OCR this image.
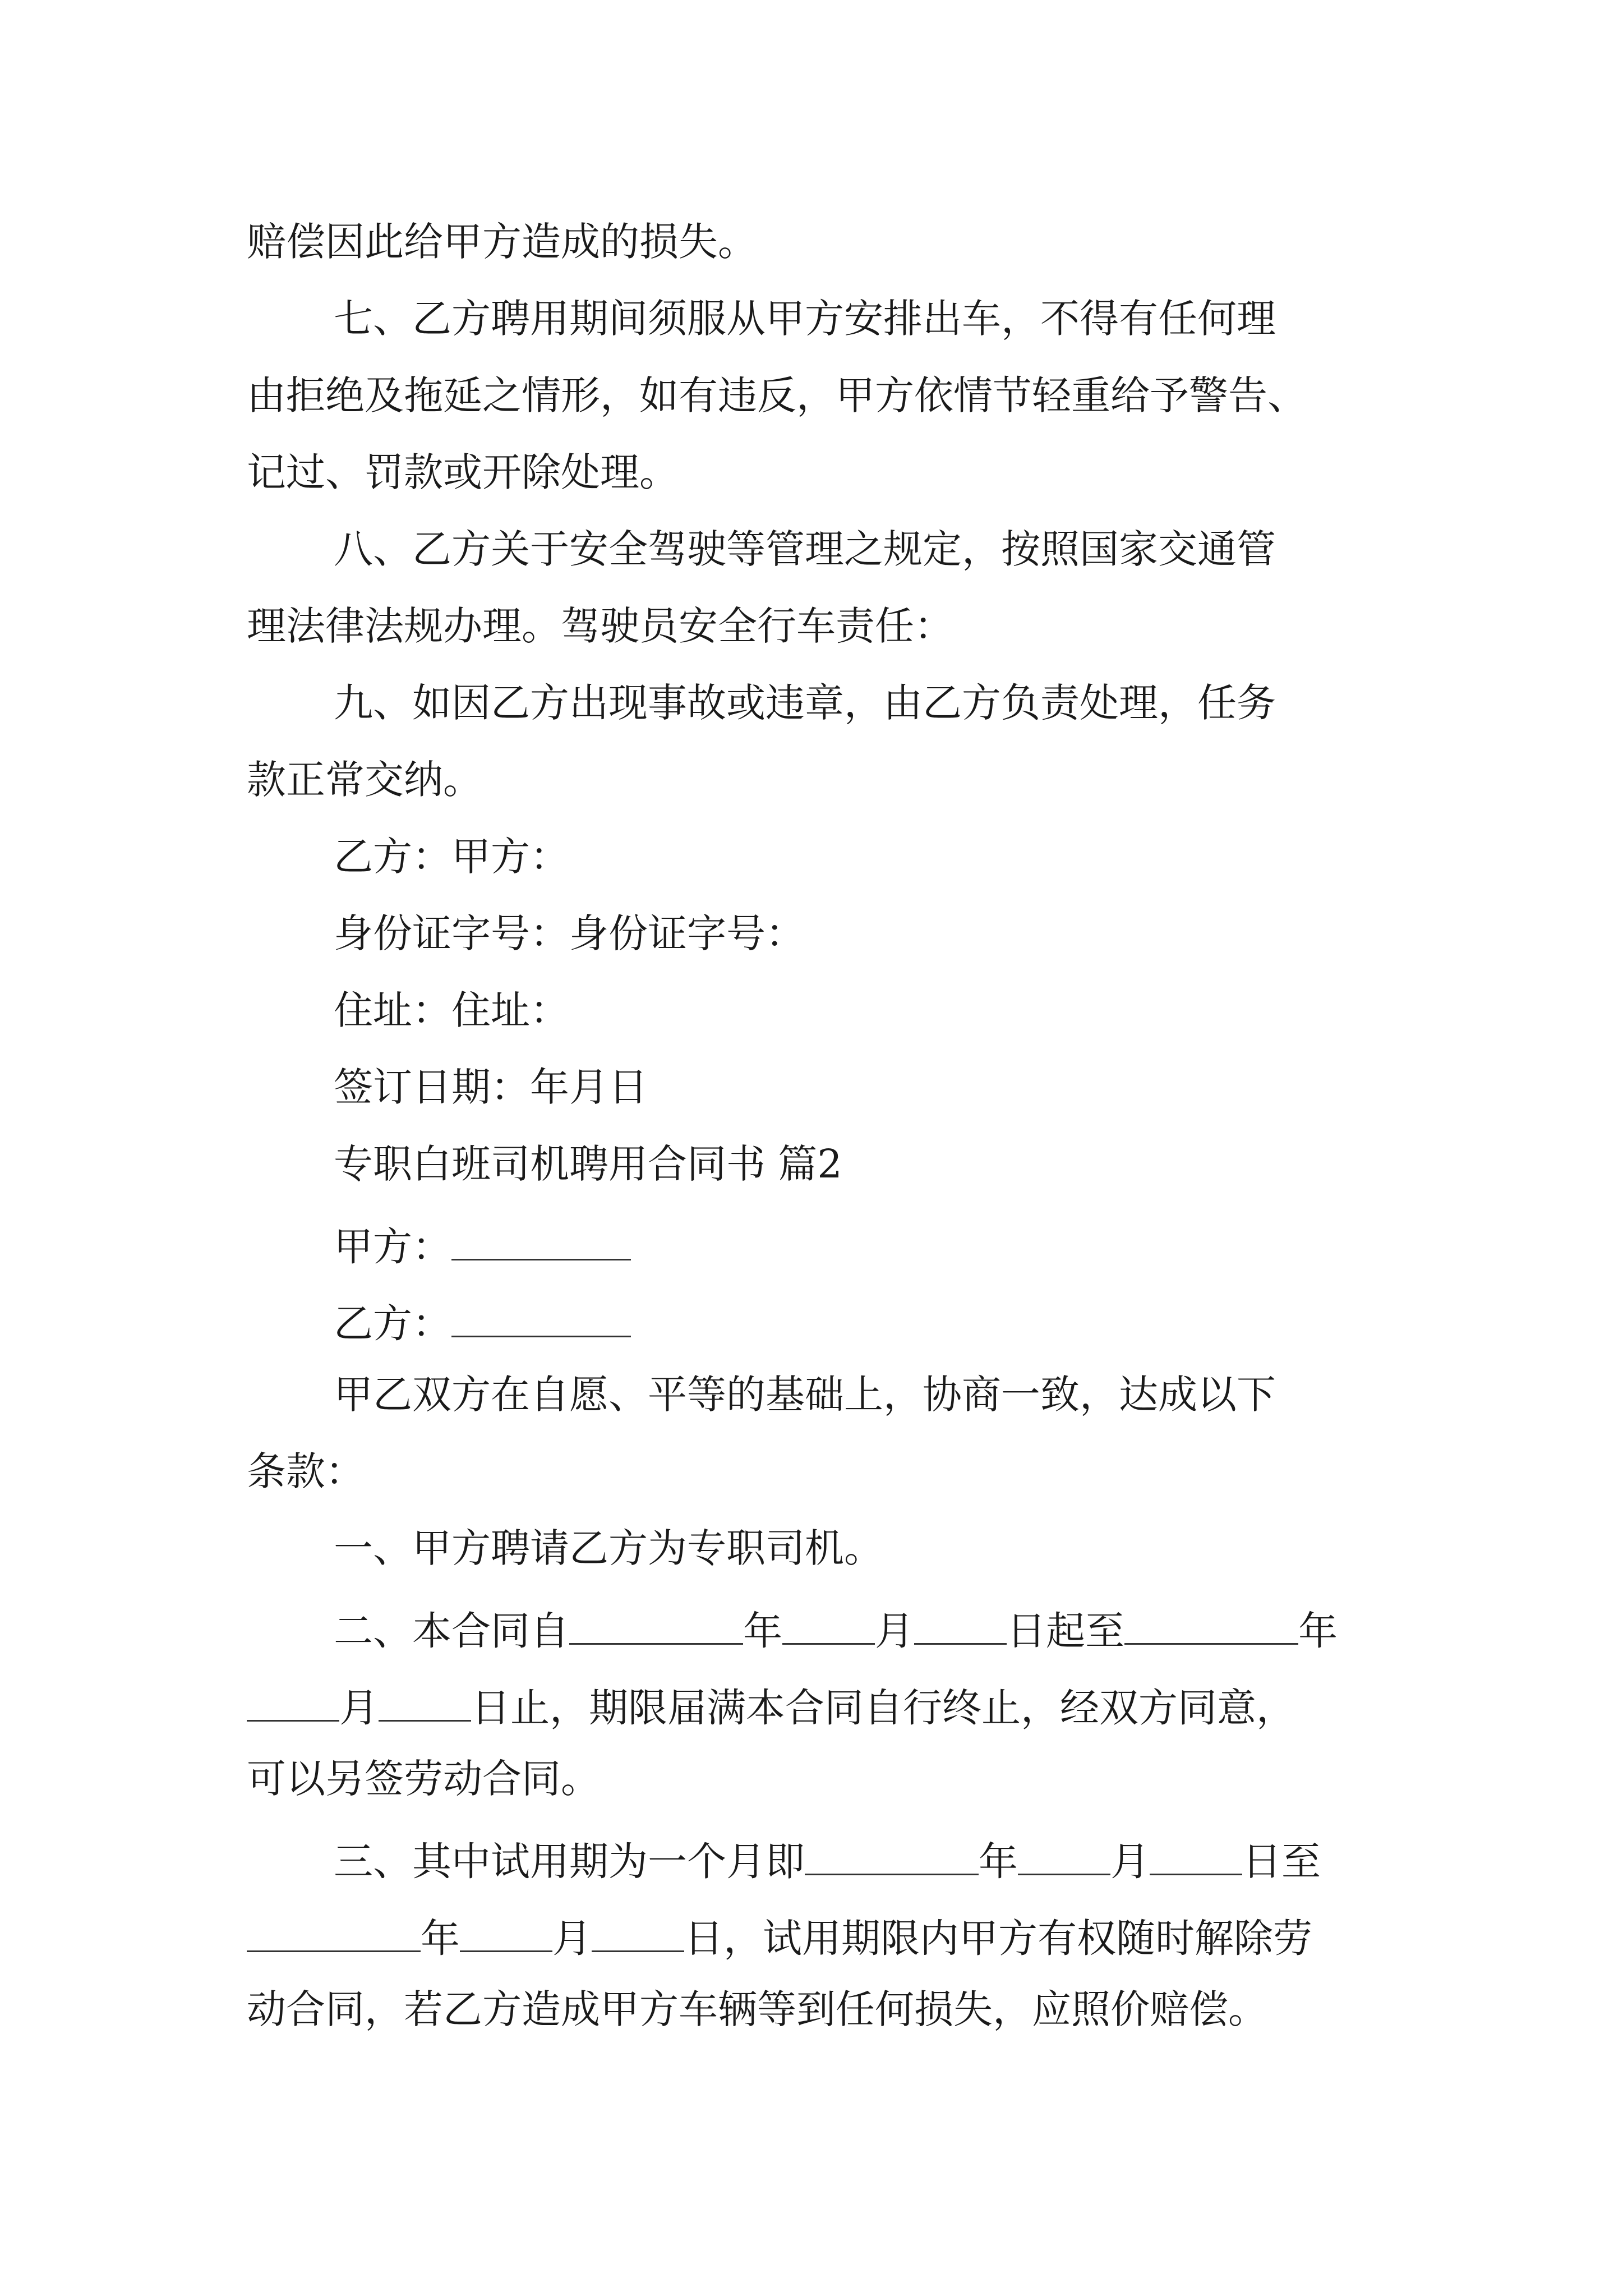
赔偿因此给甲方造成的损失。

七、乙方聘用期间须服从甲方安排出车，不得有任何理

由拒绝及拖延之情形，如有违反，甲方依情节轻重给予警告、

记过、罚款或开除处理。

八、乙方关于安全驾驶等管理之规定，按照国家交通管

理法律法规办理。驾驶员安全行车责任：

九、如因乙方出现事故或违章，由乙方负责处理，任务

款正常交纳。

乙方：甲方：

身份证字号：身份证字号：

住址：住址：

签订日期：年月日

专职白班司机聘用合同书 篇2

甲方：

乙方：

甲乙双方在自愿、平等的基础上，协商一致，达成以下

条款：

一、甲方聘请乙方为专职司机。

二、本合同自	年 月 日起至	年

月 日止，期限届满本合同自行终止，经双方同意，

可以另签劳动合同。

三、其中试用期为一个月即	年 月 日至

年 月 日，试用期限内甲方有权随时解除劳

动合同，若乙方造成甲方车辆等到任何损失，应照价赔偿。
